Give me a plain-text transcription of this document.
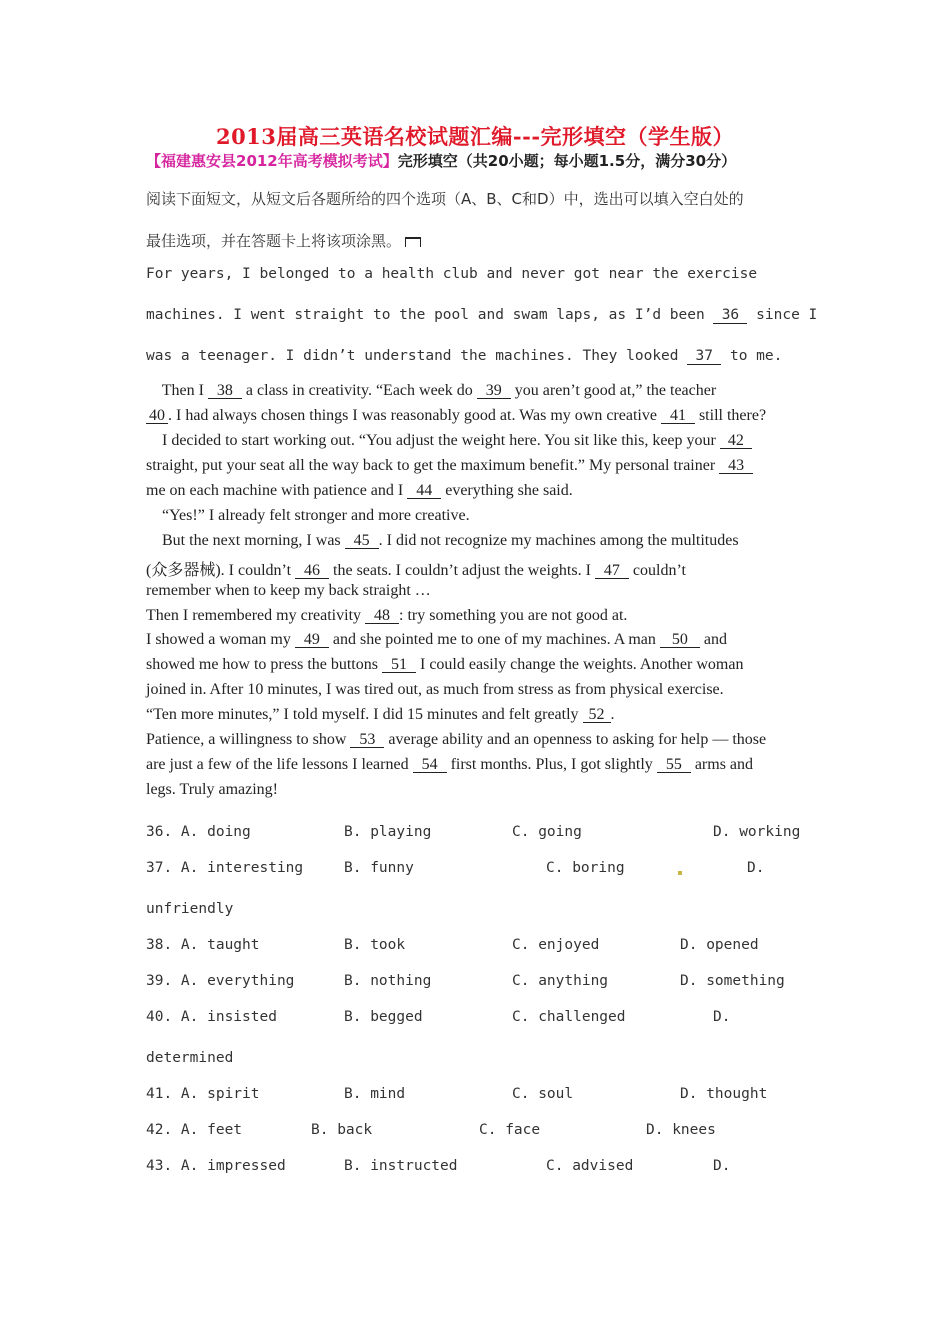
2013届高三英语名校试题汇编---完形填空（学生版）
【福建惠安县2012年高考模拟考试】完形填空（共20小题；每小题1.5分，满分30分）
阅读下面短文，从短文后各题所给的四个选项（A、B、C和D）中，选出可以填入空白处的
最佳选项，并在答题卡上将该项涂黑。
For years, I belonged to a health club and never got near the exercise
machines. I went straight to the pool and swam laps, as I’d been 36 since I
was a teenager. I didn’t understand the machines. They looked 37 to me.
Then I 38 a class in creativity. “Each week do 39 you aren’t good at,” the teacher
40 . I had always chosen things I was reasonably good at. Was my own creative 41 still there?
I decided to start working out. “You adjust the weight here. You sit like this, keep your 42
straight, put your seat all the way back to get the maximum benefit.” My personal trainer 43
me on each machine with patience and I 44 everything she said.
“Yes!” I already felt stronger and more creative.
But the next morning, I was 45 . I did not recognize my machines among the multitudes
(众多器械). I couldn’t 46 the seats. I couldn’t adjust the weights. I 47 couldn’t
remember when to keep my back straight …
Then I remembered my creativity 48 : try something you are not good at.
I showed a woman my 49 and she pointed me to one of my machines. A man 50 and
showed me how to press the buttons 51 I could easily change the weights. Another woman
joined in. After 10 minutes, I was tired out, as much from stress as from physical exercise.
“Ten more minutes,” I told myself. I did 15 minutes and felt greatly 52 .
Patience, a willingness to show 53 average ability and an openness to asking for help — those
are just a few of the life lessons I learned 54 first months. Plus, I got slightly 55 arms and
legs. Truly amazing!
36. A. doing	B. playing	C. going	D. working
37. A. interesting	B. funny	C. boring	D.
unfriendly
38. A. taught	B. took	C. enjoyed	D. opened
39. A. everything	B. nothing	C. anything	D. something
40. A. insisted	B. begged	C. challenged	D.
determined
41. A. spirit	B. mind	C. soul	D. thought
42. A. feet	B. back	C. face	D. knees
43. A. impressed	B. instructed	C. advised	D.
